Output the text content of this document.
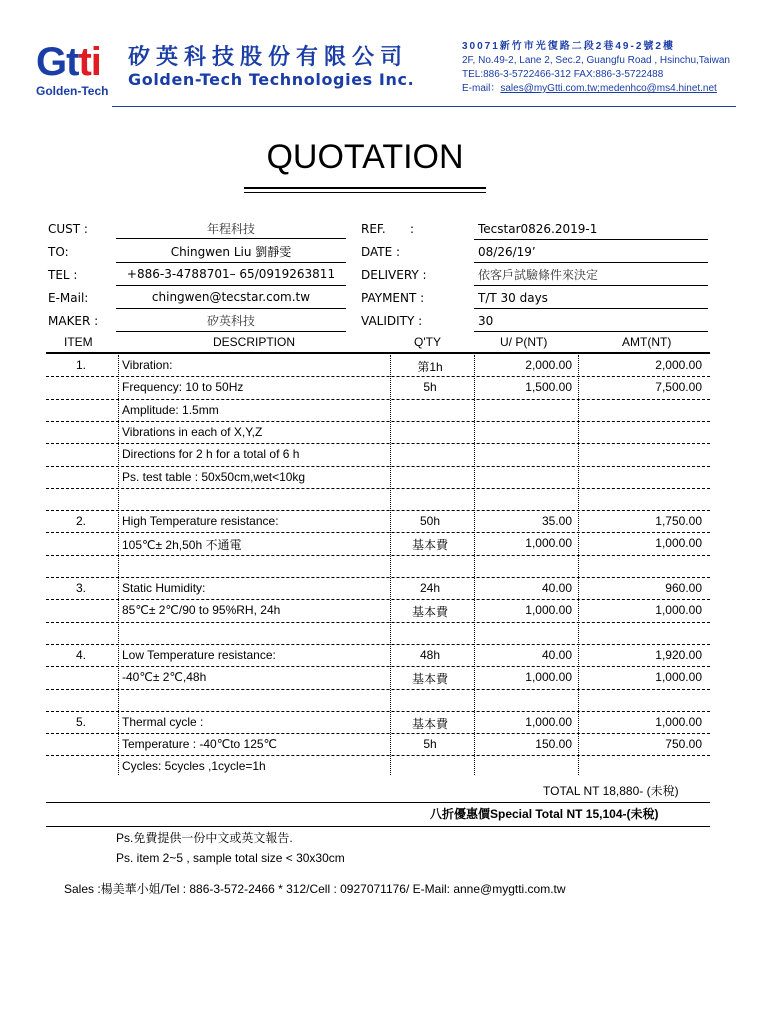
Gtti
Golden-Tech
矽英科技股份有限公司
Golden-Tech Technologies Inc.
30071新竹市光復路二段2巷49-2號2樓
2F, No.49-2, Lane 2, Sec.2, Guangfu Road , Hsinchu,Taiwan
TEL:886-3-5722466-312 FAX:886-3-5722488
E-mail：sales@myGtti.com.tw;medenhco@ms4.hinet.net
QUOTATION
CUST :	年程科技
TO:	Chingwen Liu 劉靜雯
TEL :	+886-3-4788701– 65/0919263811
E-Mail:	chingwen@tecstar.com.tw
MAKER :	矽英科技
REF. :	Tecstar0826.2019-1
DATE :	08/26/19’
DELIVERY :	依客戶試驗條件來決定
PAYMENT :	T/T 30 days
VALIDITY :	30
ITEM	DESCRIPTION	Q'TY	U/ P(NT)	AMT(NT)
1.	Vibration:	第1h	2,000.00	2,000.00
Frequency: 10 to 50Hz	5h	1,500.00	7,500.00
Amplitude: 1.5mm
Vibrations in each of X,Y,Z
Directions for 2 h for a total of 6 h
Ps. test table : 50x50cm,wet<10kg
2.	High Temperature resistance:	50h	35.00	1,750.00
105℃± 2h,50h 不通電	基本費	1,000.00	1,000.00
3.	Static Humidity:	24h	40.00	960.00
85℃± 2℃/90 to 95%RH, 24h	基本費	1,000.00	1,000.00
4.	Low Temperature resistance:	48h	40.00	1,920.00
-40℃± 2℃,48h	基本費	1,000.00	1,000.00
5.	Thermal cycle :	基本費	1,000.00	1,000.00
Temperature : -40℃to 125℃	5h	150.00	750.00
Cycles: 5cycles ,1cycle=1h
TOTAL NT 18,880- (未稅)
八折優惠價Special Total NT 15,104-(未稅)
Ps.免費提供一份中文或英文報告.
Ps. item 2~5 , sample total size < 30x30cm
Sales :楊美華小姐/Tel : 886-3-572-2466 * 312/Cell : 0927071176/ E-Mail: anne@mygtti.com.tw
